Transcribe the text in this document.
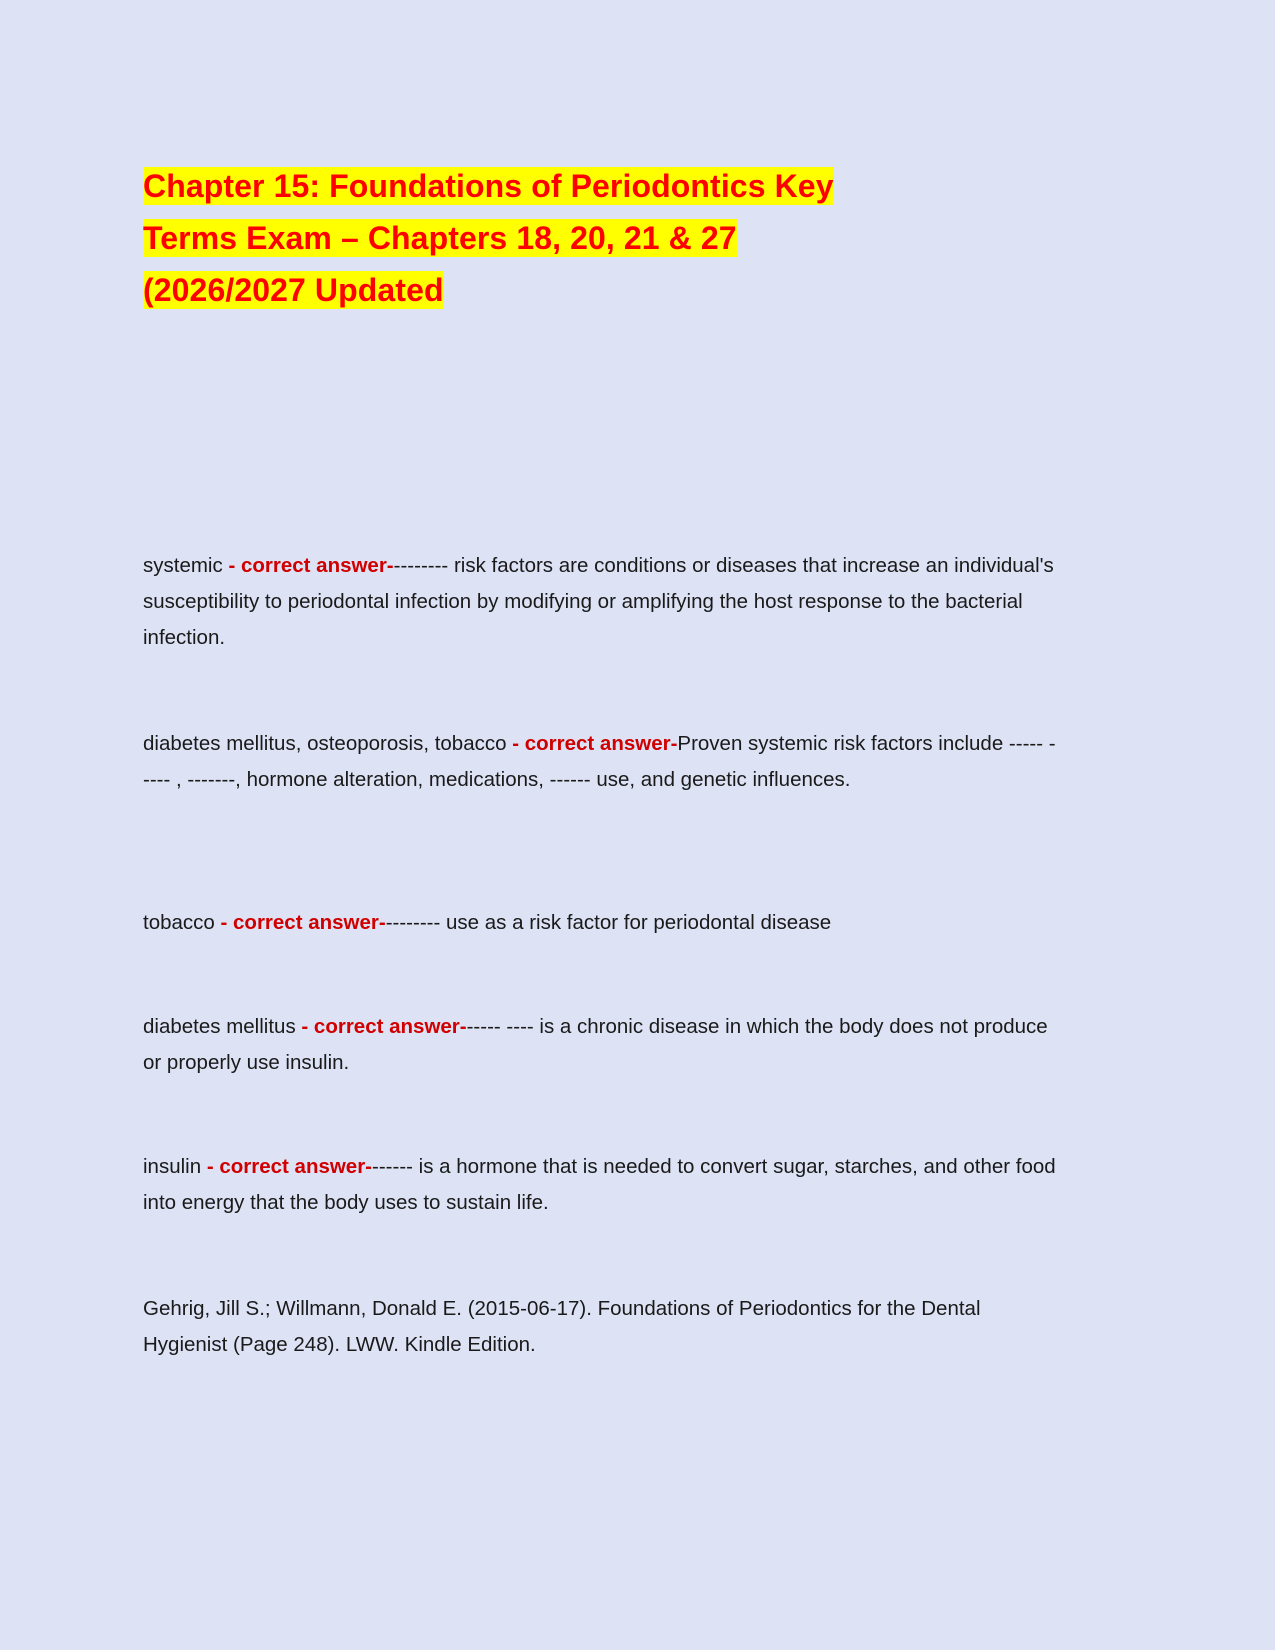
Chapter 15: Foundations of Periodontics Key
Terms Exam – Chapters 18, 20, 21 & 27
(2026/2027 Updated

systemic - correct answer--------- risk factors are conditions or diseases that increase an individual's susceptibility to periodontal infection by modifying or amplifying the host response to the bacterial infection.

diabetes mellitus, osteoporosis, tobacco - correct answer-Proven systemic risk factors include ----- ----- , -------, hormone alteration, medications, ------ use, and genetic influences.

tobacco - correct answer--------- use as a risk factor for periodontal disease

diabetes mellitus - correct answer------ ---- is a chronic disease in which the body does not produce or properly use insulin.

insulin - correct answer------- is a hormone that is needed to convert sugar, starches, and other food into energy that the body uses to sustain life.

Gehrig, Jill S.; Willmann, Donald E. (2015-06-17). Foundations of Periodontics for the Dental Hygienist (Page 248). LWW. Kindle Edition.
